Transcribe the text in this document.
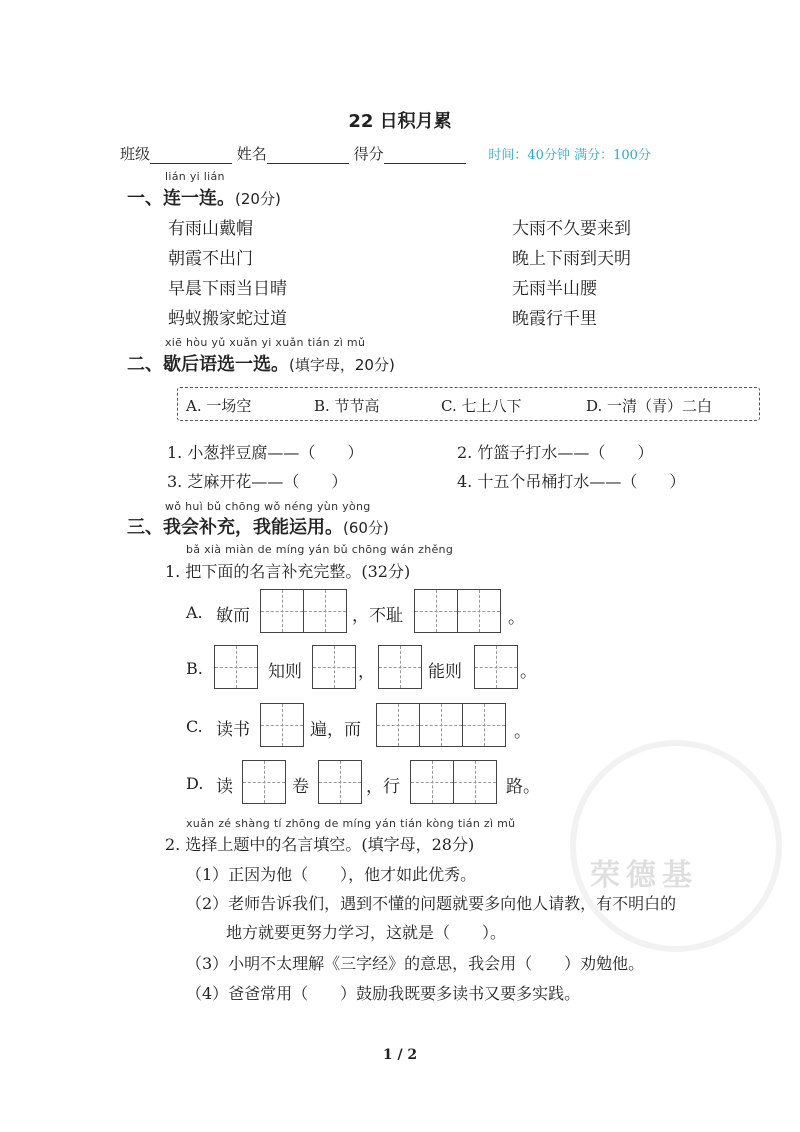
荣德基
22 日积月累
班级	姓名	得分	时间：40分钟 满分：100分
lián yi lián
一、连一连。(20分)
有雨山戴帽
朝霞不出门
早晨下雨当日晴
蚂蚁搬家蛇过道
大雨不久要来到
晚上下雨到天明
无雨半山腰
晚霞行千里
xiē hòu yǔ xuǎn yi xuǎn tián zì mǔ
二、歇后语选一选。(填字母，20分)
A. 一场空	B. 节节高	C. 七上八下	D. 一清（青）二白
1. 小葱拌豆腐——（　　）	2. 竹篮子打水——（　　）
3. 芝麻开花——（　　）	4. 十五个吊桶打水——（　　）
wǒ huì bǔ chōng wǒ néng yùn yòng
三、我会补充，我能运用。(60分)
bǎ xià miàn de míng yán bǔ chōng wán zhěng
1. 把下面的名言补充完整。(32分)
A. 敏而	，不耻	。
B.	知则	，	能则	。
C. 读书	遍，而	。
D. 读	卷	，行	路。
xuǎn zé shàng tí zhōng de míng yán tián kòng tián zì mǔ
2. 选择上题中的名言填空。(填字母，28分)
（1）正因为他（　　），他才如此优秀。
（2）老师告诉我们，遇到不懂的问题就要多向他人请教，有不明白的
地方就要更努力学习，这就是（　　）。
（3）小明不太理解《三字经》的意思，我会用（　　）劝勉他。
（4）爸爸常用（　　）鼓励我既要多读书又要多实践。
1 / 2
